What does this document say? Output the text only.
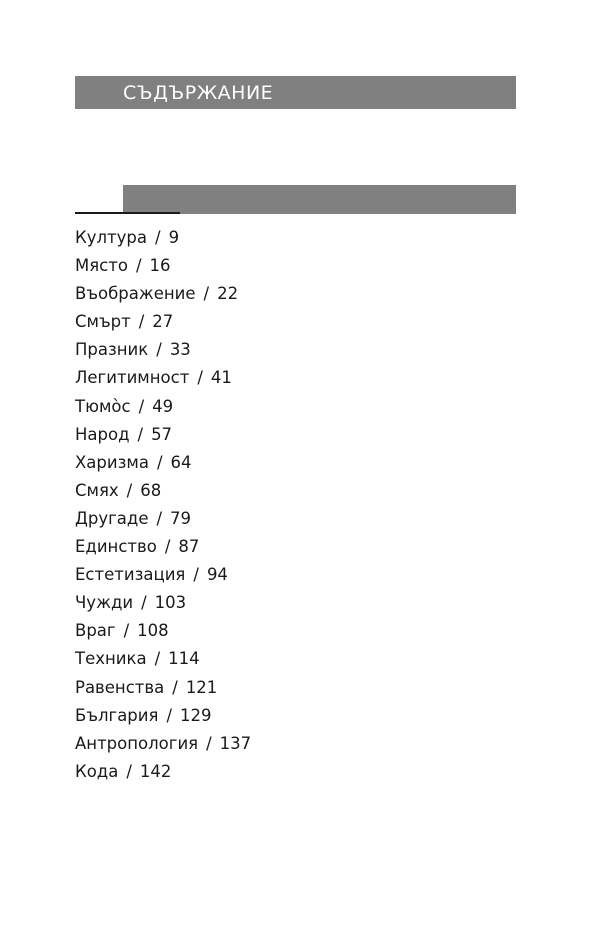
СЪДЪРЖАНИЕ
Култура / 9
Място / 16
Въображение / 22
Смърт / 27
Празник / 33
Легитимност / 41
Тюмòс / 49
Народ / 57
Харизма / 64
Смях / 68
Другаде / 79
Единство / 87
Естетизация / 94
Чужди / 103
Враг / 108
Техника / 114
Равенства / 121
България / 129
Антропология / 137
Кода / 142
